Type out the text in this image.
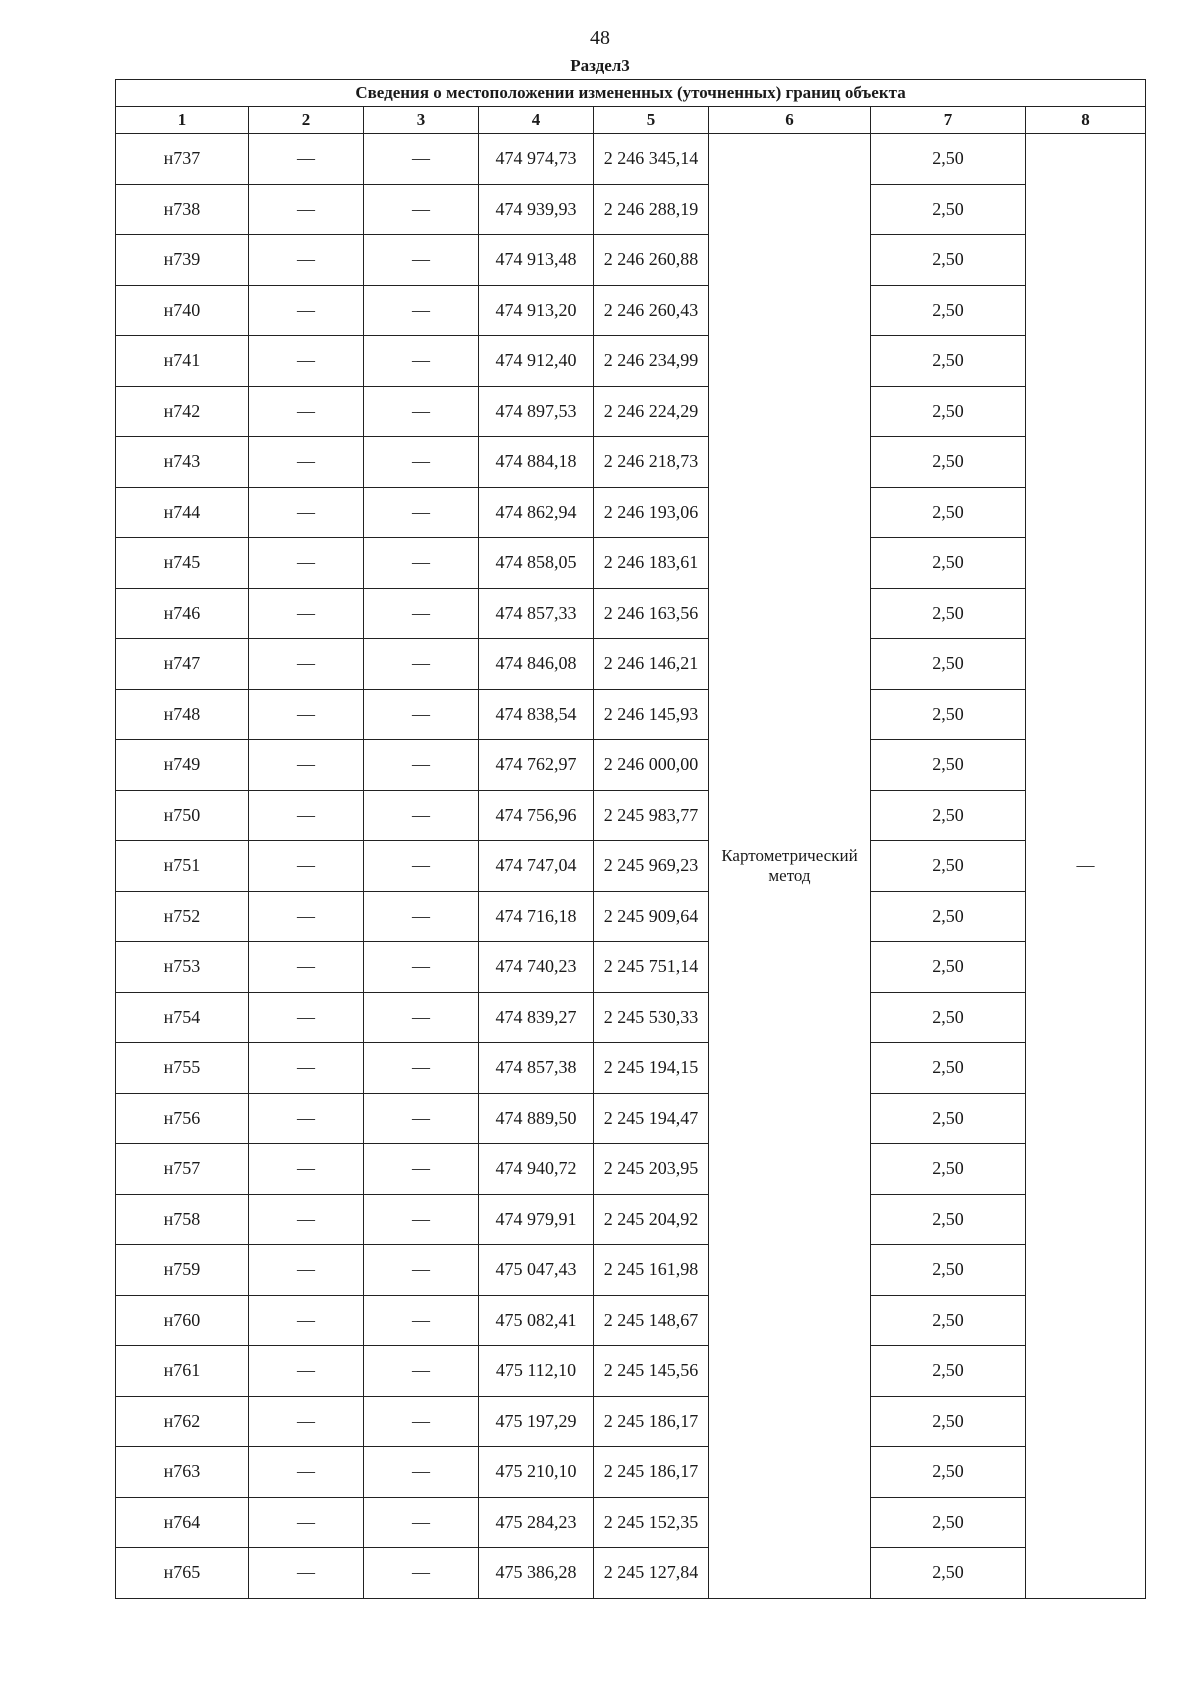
48
Раздел3
Сведения о местоположении измененных (уточненных) границ объекта							
1	2	3	4	5	6	7	8
н737	—	—	474 974,73	2 246 345,14	Картометрический метод	2,50	—
н738	—	—	474 939,93	2 246 288,19		2,50	
н739	—	—	474 913,48	2 246 260,88		2,50	
н740	—	—	474 913,20	2 246 260,43		2,50	
н741	—	—	474 912,40	2 246 234,99		2,50	
н742	—	—	474 897,53	2 246 224,29		2,50	
н743	—	—	474 884,18	2 246 218,73		2,50	
н744	—	—	474 862,94	2 246 193,06		2,50	
н745	—	—	474 858,05	2 246 183,61		2,50	
н746	—	—	474 857,33	2 246 163,56		2,50	
н747	—	—	474 846,08	2 246 146,21		2,50	
н748	—	—	474 838,54	2 246 145,93		2,50	
н749	—	—	474 762,97	2 246 000,00		2,50	
н750	—	—	474 756,96	2 245 983,77		2,50	
н751	—	—	474 747,04	2 245 969,23		2,50	
н752	—	—	474 716,18	2 245 909,64		2,50	
н753	—	—	474 740,23	2 245 751,14		2,50	
н754	—	—	474 839,27	2 245 530,33		2,50	
н755	—	—	474 857,38	2 245 194,15		2,50	
н756	—	—	474 889,50	2 245 194,47		2,50	
н757	—	—	474 940,72	2 245 203,95		2,50	
н758	—	—	474 979,91	2 245 204,92		2,50	
н759	—	—	475 047,43	2 245 161,98		2,50	
н760	—	—	475 082,41	2 245 148,67		2,50	
н761	—	—	475 112,10	2 245 145,56		2,50	
н762	—	—	475 197,29	2 245 186,17		2,50	
н763	—	—	475 210,10	2 245 186,17		2,50	
н764	—	—	475 284,23	2 245 152,35		2,50	
н765	—	—	475 386,28	2 245 127,84		2,50	
